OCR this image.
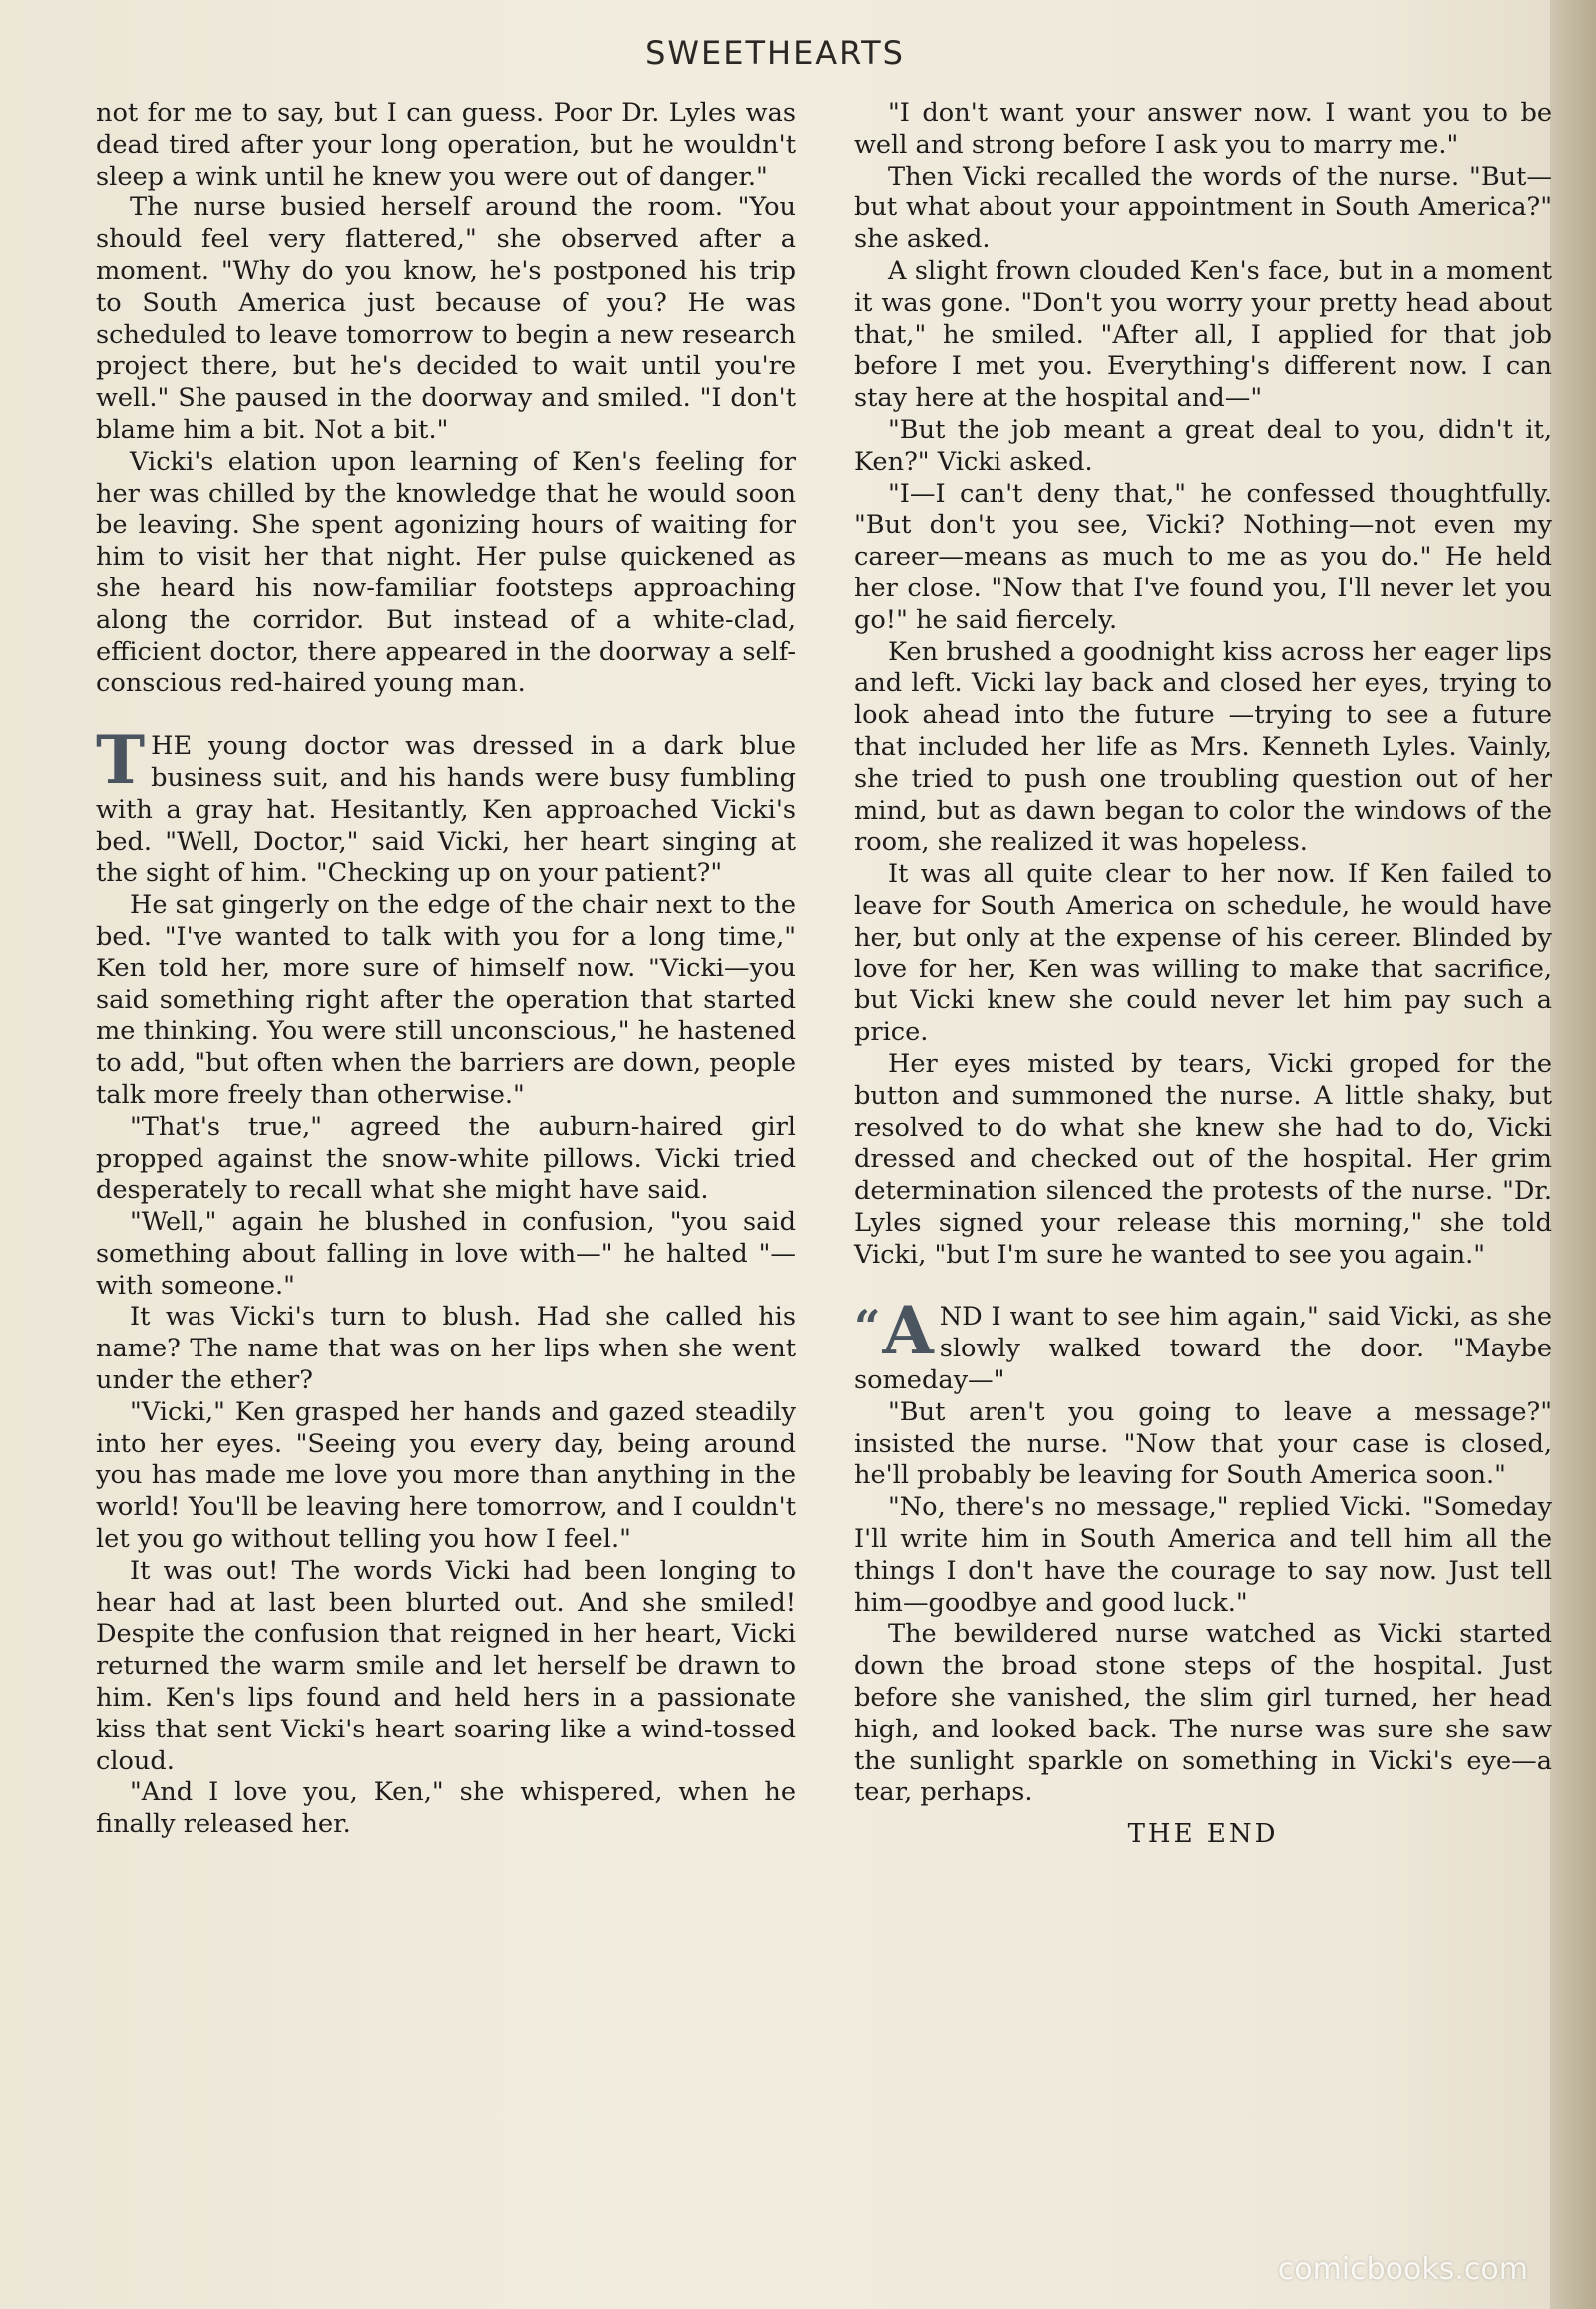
SWEETHEARTS

not for me to say, but I can guess. Poor Dr. Lyles was dead tired after your long operation, but he wouldn't sleep a wink until he knew you were out of danger."

The nurse busied herself around the room. "You should feel very flattered," she observed after a moment. "Why do you know, he's postponed his trip to South America just because of you? He was scheduled to leave tomorrow to begin a new research project there, but he's decided to wait until you're well." She paused in the doorway and smiled. "I don't blame him a bit. Not a bit."

Vicki's elation upon learning of Ken's feeling for her was chilled by the knowledge that he would soon be leaving. She spent agonizing hours of waiting for him to visit her that night. Her pulse quickened as she heard his now-familiar footsteps approaching along the corridor. But instead of a white-clad, efficient doctor, there appeared in the doorway a self-conscious red-haired young man.

THE young doctor was dressed in a dark blue business suit, and his hands were busy fumbling with a gray hat. Hesitantly, Ken approached Vicki's bed. "Well, Doctor," said Vicki, her heart singing at the sight of him. "Checking up on your patient?"

He sat gingerly on the edge of the chair next to the bed. "I've wanted to talk with you for a long time," Ken told her, more sure of himself now. "Vicki—you said something right after the operation that started me thinking. You were still unconscious," he hastened to add, "but often when the barriers are down, people talk more freely than otherwise."

"That's true," agreed the auburn-haired girl propped against the snow-white pillows. Vicki tried desperately to recall what she might have said.

"Well," again he blushed in confusion, "you said something about falling in love with—" he halted "—with someone."

It was Vicki's turn to blush. Had she called his name? The name that was on her lips when she went under the ether?

"Vicki," Ken grasped her hands and gazed steadily into her eyes. "Seeing you every day, being around you has made me love you more than anything in the world! You'll be leaving here tomorrow, and I couldn't let you go without telling you how I feel."

It was out! The words Vicki had been longing to hear had at last been blurted out. And she smiled! Despite the confusion that reigned in her heart, Vicki returned the warm smile and let herself be drawn to him. Ken's lips found and held hers in a passionate kiss that sent Vicki's heart soaring like a wind-tossed cloud.

"And I love you, Ken," she whispered, when he finally released her.

"I don't want your answer now. I want you to be well and strong before I ask you to marry me."

Then Vicki recalled the words of the nurse. "But—but what about your appointment in South America?" she asked.

A slight frown clouded Ken's face, but in a moment it was gone. "Don't you worry your pretty head about that," he smiled. "After all, I applied for that job before I met you. Everything's different now. I can stay here at the hospital and—"

"But the job meant a great deal to you, didn't it, Ken?" Vicki asked.

"I—I can't deny that," he confessed thoughtfully. "But don't you see, Vicki? Nothing—not even my career—means as much to me as you do." He held her close. "Now that I've found you, I'll never let you go!" he said fiercely.

Ken brushed a goodnight kiss across her eager lips and left. Vicki lay back and closed her eyes, trying to look ahead into the future —trying to see a future that included her life as Mrs. Kenneth Lyles. Vainly, she tried to push one troubling question out of her mind, but as dawn began to color the windows of the room, she realized it was hopeless.

It was all quite clear to her now. If Ken failed to leave for South America on schedule, he would have her, but only at the expense of his cereer. Blinded by love for her, Ken was willing to make that sacrifice, but Vicki knew she could never let him pay such a price.

Her eyes misted by tears, Vicki groped for the button and summoned the nurse. A little shaky, but resolved to do what she knew she had to do, Vicki dressed and checked out of the hospital. Her grim determination silenced the protests of the nurse. "Dr. Lyles signed your release this morning," she told Vicki, "but I'm sure he wanted to see you again."

“ A ND I want to see him again," said Vicki, as she slowly walked toward the door. "Maybe someday—"

"But aren't you going to leave a message?" insisted the nurse. "Now that your case is closed, he'll probably be leaving for South America soon."

"No, there's no message," replied Vicki. "Someday I'll write him in South America and tell him all the things I don't have the courage to say now. Just tell him—goodbye and good luck."

The bewildered nurse watched as Vicki started down the broad stone steps of the hospital. Just before she vanished, the slim girl turned, her head high, and looked back. The nurse was sure she saw the sunlight sparkle on something in Vicki's eye—a tear, perhaps.

THE END
comicbooks.com
